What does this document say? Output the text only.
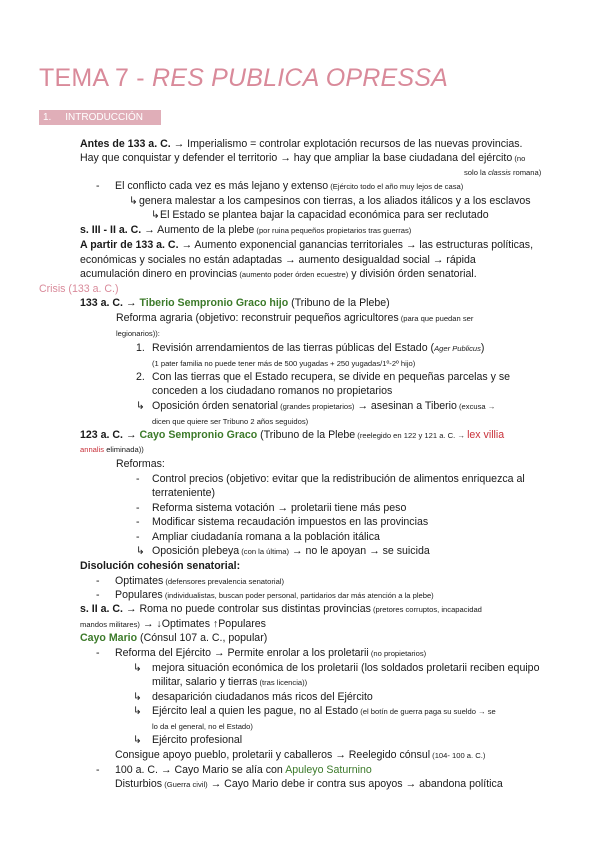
TEMA 7 - RES PUBLICA OPRESSA
1. INTRODUCCIÓN
Antes de 133 a. C. → Imperialismo = controlar explotación recursos de las nuevas provincias.
Hay que conquistar y defender el territorio → hay que ampliar la base ciudadana del ejército (no
solo la classis romana)
- El conflicto cada vez es más lejano y extenso (Ejército todo el año muy lejos de casa)
↳ genera malestar a los campesinos con tierras, a los aliados itálicos y a los esclavos
↳ El Estado se plantea bajar la capacidad económica para ser reclutado
s. III - II a. C. → Aumento de la plebe (por ruina pequeños propietarios tras guerras)
A partir de 133 a. C. → Aumento exponencial ganancias territoriales → las estructuras políticas,
económicas y sociales no están adaptadas → aumento desigualdad social → rápida
acumulación dinero en provincias (aumento poder órden ecuestre) y división órden senatorial.
Crisis (133 a. C.)
133 a. C. → Tiberio Sempronio Graco hijo (Tribuno de la Plebe)
Reforma agraria (objetivo: reconstruir pequeños agricultores (para que puedan ser
legionarios)):
1. Revisión arrendamientos de las tierras públicas del Estado (Ager Publicus)
(1 pater familia no puede tener más de 500 yugadas + 250 yugadas/1º-2º hijo)
2. Con las tierras que el Estado recupera, se divide en pequeñas parcelas y se
conceden a los ciudadano romanos no propietarios
↳ Oposición órden senatorial (grandes propietarios) → asesinan a Tiberio (excusa →
dicen que quiere ser Tribuno 2 años seguidos)
123 a. C. → Cayo Sempronio Graco (Tribuno de la Plebe (reelegido en 122 y 121 a. C. → lex villia
annalis eliminada))
Reformas:
- Control precios (objetivo: evitar que la redistribución de alimentos enriquezca al
terrateniente)
- Reforma sistema votación → proletarii tiene más peso
- Modificar sistema recaudación impuestos en las provincias
- Ampliar ciudadanía romana a la población itálica
↳ Oposición plebeya (con la última) → no le apoyan → se suicida
Disolución cohesión senatorial:
- Optimates (defensores prevalencia senatorial)
- Populares (individualistas, buscan poder personal, partidarios dar más atención a la plebe)
s. II a. C. → Roma no puede controlar sus distintas provincias (pretores corruptos, incapacidad
mandos militares) → ↓Optimates ↑Populares
Cayo Mario (Cónsul 107 a. C., popular)
- Reforma del Ejército → Permite enrolar a los proletarii (no propietarios)
↳ mejora situación económica de los proletarii (los soldados proletarii reciben equipo
militar, salario y tierras (tras licencia))
↳ desaparición ciudadanos más ricos del Ejército
↳ Ejército leal a quien les pague, no al Estado (el botín de guerra paga su sueldo → se
lo da el general, no el Estado)
↳ Ejército profesional
Consigue apoyo pueblo, proletarii y caballeros → Reelegido cónsul (104- 100 a. C.)
- 100 a. C. → Cayo Mario se alía con Apuleyo Saturnino
Disturbios (Guerra civil) → Cayo Mario debe ir contra sus apoyos → abandona política
